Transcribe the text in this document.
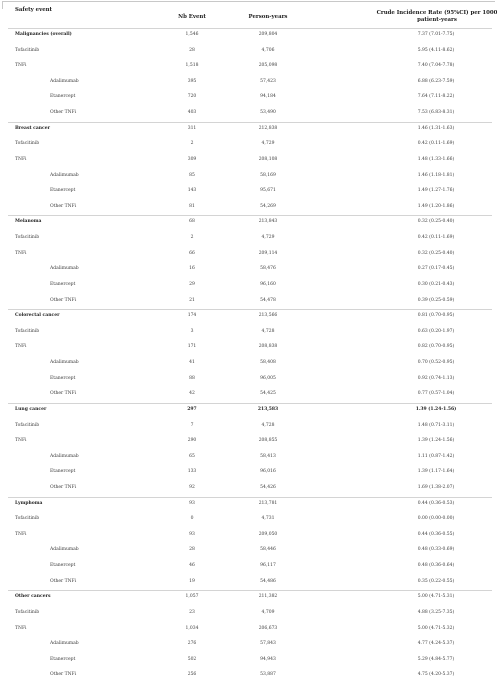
Safety event
Nb Event	Person-years
Crude Incidence Rate (95%CI) per 1000
patient-years
Malignancies (overall)	1,546	209,804	7.37 (7.01-7.75)
Tofacitinib	28	4,706	5.95 (4.11-8.62)
TNFi	1,518	205,098	7.40 (7.04-7.78)
Adalimumab	395	57,423	6.88 (6.23-7.59)
Etanercept	720	94,184	7.64 (7.11-8.22)
Other TNFi	403	53,490	7.53 (6.83-8.31)
Breast cancer	311	212,838	1.46 (1.31-1.63)
Tofacitinib	2	4,729	0.42 (0.11-1.69)
TNFi	309	208,108	1.48 (1.33-1.66)
Adalimumab	85	58,169	1.46 (1.18-1.81)
Etanercept	143	95,671	1.49 (1.27-1.76)
Other TNFi	81	54,269	1.49 (1.20-1.86)
Melanoma	68	213,843	0.32 (0.25-0.40)
Tofacitinib	2	4,729	0.42 (0.11-1.69)
TNFi	66	209,114	0.32 (0.25-0.40)
Adalimumab	16	58,476	0.27 (0.17-0.45)
Etanercept	29	96,160	0.30 (0.21-0.43)
Other TNFi	21	54,478	0.39 (0.25-0.59)
Colorectal cancer	174	213,566	0.81 (0.70-0.95)
Tofacitinib	3	4,728	0.63 (0.20-1.97)
TNFi	171	208,838	0.82 (0.70-0.95)
Adalimumab	41	58,408	0.70 (0.52-0.95)
Etanercept	88	96,005	0.92 (0.74-1.13)
Other TNFi	42	54,425	0.77 (0.57-1.04)
Lung cancer	297	213,583	1.39 (1.24-1.56)
Tofacitinib	7	4,728	1.48 (0.71-3.11)
TNFi	290	208,855	1.39 (1.24-1.56)
Adalimumab	65	58,413	1.11 (0.87-1.42)
Etanercept	133	96,016	1.39 (1.17-1.64)
Other TNFi	92	54,426	1.69 (1.38-2.07)
Lymphoma	93	213,781	0.44 (0.36-0.53)
Tofacitinib	0	4,731	0.00 (0.00-0.00)
TNFi	93	209,050	0.44 (0.36-0.55)
Adalimumab	28	58,446	0.48 (0.33-0.69)
Etanercept	46	96,117	0.48 (0.36-0.64)
Other TNFi	19	54,486	0.35 (0.22-0.55)
Other cancers	1,057	211,382	5.00 (4.71-5.31)
Tofacitinib	23	4,709	4.88 (3.25-7.35)
TNFi	1,034	206,673	5.00 (4.71-5.32)
Adalimumab	276	57,843	4.77 (4.24-5.37)
Etanercept	502	94,943	5.29 (4.84-5.77)
Other TNFi	256	53,887	4.75 (4.20-5.37)
